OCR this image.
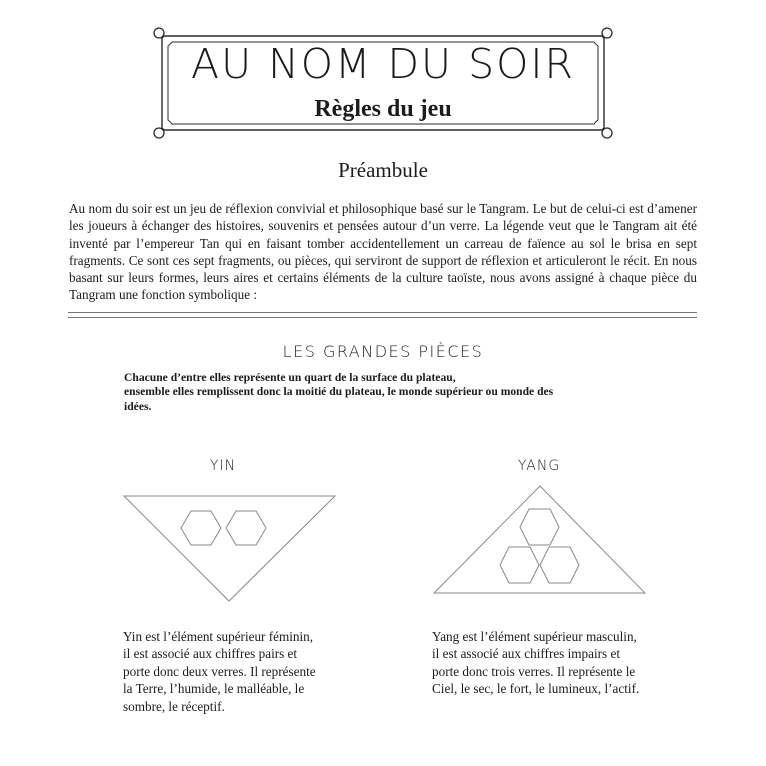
AU NOM DU SOIR
Règles du jeu
Préambule

Au nom du soir est un jeu de réflexion convivial et philosophique basé sur le Tangram. Le but de celui-ci est d’amener les joueurs à échanger des histoires, souvenirs et pensées autour d’un verre. La légende veut que le Tangram ait été inventé par l’empereur Tan qui en faisant tomber accidentellement un carreau de faïence au sol le brisa en sept fragments. Ce sont ces sept fragments, ou pièces, qui serviront de support de réflexion et articuleront le récit. En nous basant sur leurs formes, leurs aires et certains éléments de la culture taoïste, nous avons assigné à chaque pièce du Tangram une fonction symbolique :

LES GRANDES PIÈCES

Chacune d’entre elles représente un quart de la surface du plateau,
ensemble elles remplissent donc la moitié du plateau, le monde supérieur ou monde des
idées.

YIN	YANG

Yin est l’élément supérieur féminin,
il est associé aux chiffres pairs et
porte donc deux verres. Il représente
la Terre, l’humide, le malléable, le
sombre, le réceptif.

Yang est l’élément supérieur masculin,
il est associé aux chiffres impairs et
porte donc trois verres. Il représente le
Ciel, le sec, le fort, le lumineux, l’actif.
